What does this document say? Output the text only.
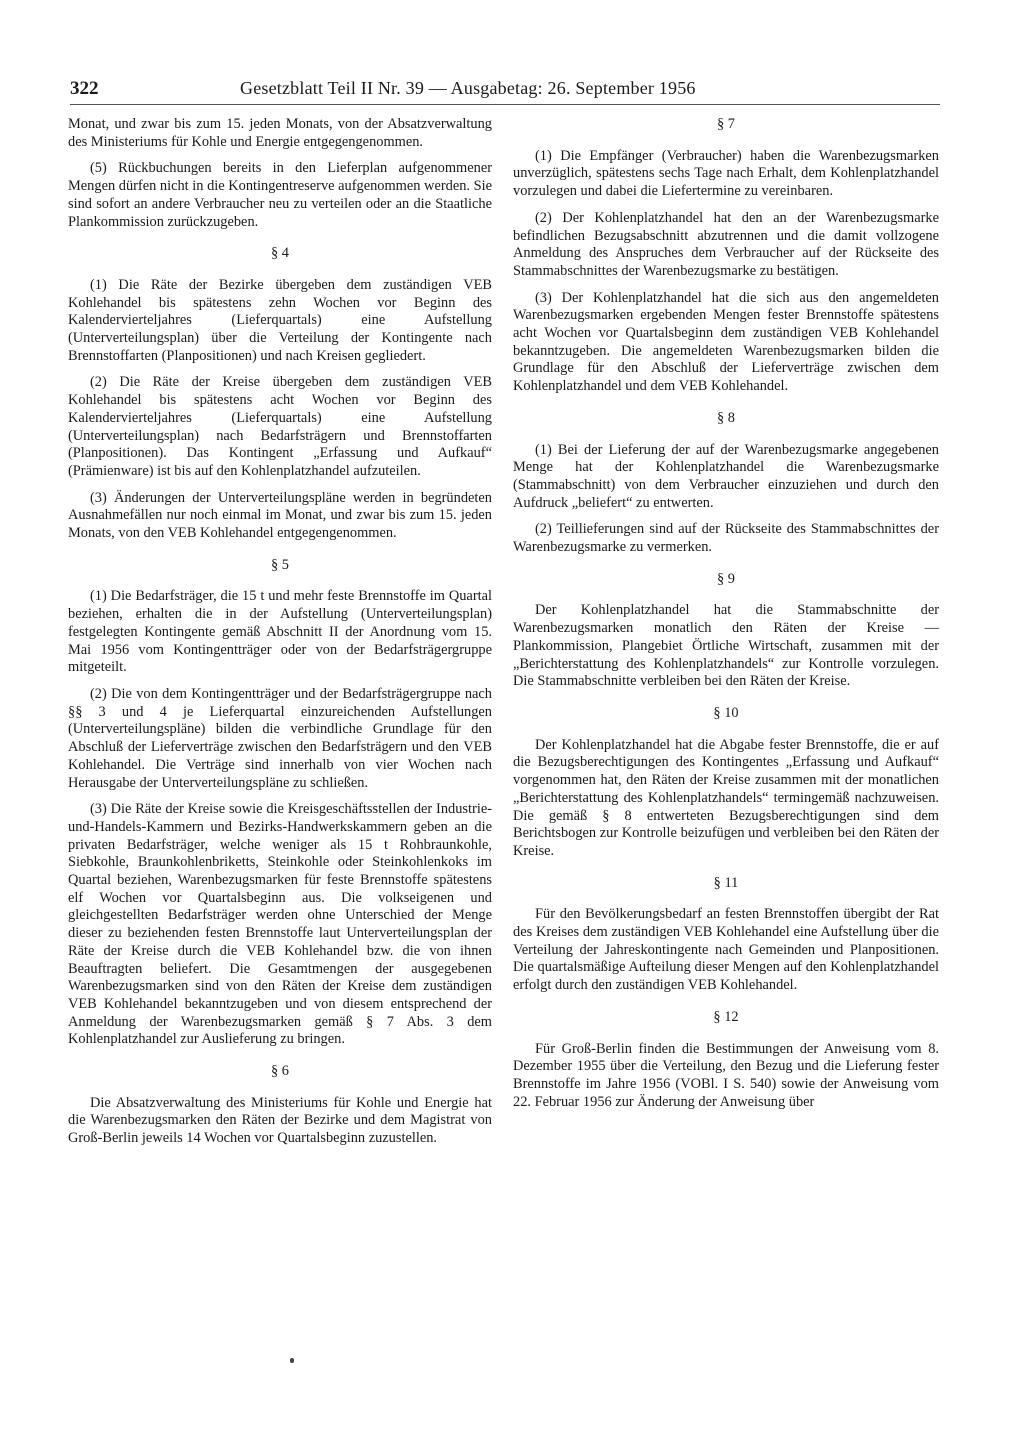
322	Gesetzblatt Teil II Nr. 39 — Ausgabetag: 26. September 1956

Monat, und zwar bis zum 15. jeden Monats, von der Absatzverwaltung des Ministeriums für Kohle und Energie entgegengenommen.

(5) Rückbuchungen bereits in den Lieferplan aufgenommener Mengen dürfen nicht in die Kontingentreserve aufgenommen werden. Sie sind sofort an andere Verbraucher neu zu verteilen oder an die Staatliche Plankommission zurückzugeben.

§ 4

(1) Die Räte der Bezirke übergeben dem zuständigen VEB Kohlehandel bis spätestens zehn Wochen vor Beginn des Kalendervierteljahres (Lieferquartals) eine Aufstellung (Unterverteilungsplan) über die Verteilung der Kontingente nach Brennstoffarten (Planpositionen) und nach Kreisen gegliedert.

(2) Die Räte der Kreise übergeben dem zuständigen VEB Kohlehandel bis spätestens acht Wochen vor Beginn des Kalendervierteljahres (Lieferquartals) eine Aufstellung (Unterverteilungsplan) nach Bedarfsträgern und Brennstoffarten (Planpositionen). Das Kontingent „Erfassung und Aufkauf“ (Prämienware) ist bis auf den Kohlenplatzhandel aufzuteilen.

(3) Änderungen der Unterverteilungspläne werden in begründeten Ausnahmefällen nur noch einmal im Monat, und zwar bis zum 15. jeden Monats, von den VEB Kohlehandel entgegengenommen.

§ 5

(1) Die Bedarfsträger, die 15 t und mehr feste Brennstoffe im Quartal beziehen, erhalten die in der Aufstellung (Unterverteilungsplan) festgelegten Kontingente gemäß Abschnitt II der Anordnung vom 15. Mai 1956 vom Kontingentträger oder von der Bedarfsträgergruppe mitgeteilt.

(2) Die von dem Kontingentträger und der Bedarfsträgergruppe nach §§ 3 und 4 je Lieferquartal einzureichenden Aufstellungen (Unterverteilungspläne) bilden die verbindliche Grundlage für den Abschluß der Lieferverträge zwischen den Bedarfsträgern und den VEB Kohlehandel. Die Verträge sind innerhalb von vier Wochen nach Herausgabe der Unterverteilungspläne zu schließen.

(3) Die Räte der Kreise sowie die Kreisgeschäftsstellen der Industrie-und-Handels-Kammern und Bezirks-Handwerkskammern geben an die privaten Bedarfsträger, welche weniger als 15 t Rohbraunkohle, Siebkohle, Braunkohlenbriketts, Steinkohle oder Steinkohlenkoks im Quartal beziehen, Warenbezugsmarken für feste Brennstoffe spätestens elf Wochen vor Quartalsbeginn aus. Die volkseigenen und gleichgestellten Bedarfsträger werden ohne Unterschied der Menge dieser zu beziehenden festen Brennstoffe laut Unterverteilungsplan der Räte der Kreise durch die VEB Kohlehandel bzw. die von ihnen Beauftragten beliefert. Die Gesamtmengen der ausgegebenen Warenbezugsmarken sind von den Räten der Kreise dem zuständigen VEB Kohlehandel bekanntzugeben und von diesem entsprechend der Anmeldung der Warenbezugsmarken gemäß § 7 Abs. 3 dem Kohlenplatzhandel zur Auslieferung zu bringen.

§ 6

Die Absatzverwaltung des Ministeriums für Kohle und Energie hat die Warenbezugsmarken den Räten der Bezirke und dem Magistrat von Groß-Berlin jeweils 14 Wochen vor Quartalsbeginn zuzustellen.

§ 7

(1) Die Empfänger (Verbraucher) haben die Warenbezugsmarken unverzüglich, spätestens sechs Tage nach Erhalt, dem Kohlenplatzhandel vorzulegen und dabei die Liefertermine zu vereinbaren.

(2) Der Kohlenplatzhandel hat den an der Warenbezugsmarke befindlichen Bezugsabschnitt abzutrennen und die damit vollzogene Anmeldung des Anspruches dem Verbraucher auf der Rückseite des Stammabschnittes der Warenbezugsmarke zu bestätigen.

(3) Der Kohlenplatzhandel hat die sich aus den angemeldeten Warenbezugsmarken ergebenden Mengen fester Brennstoffe spätestens acht Wochen vor Quartalsbeginn dem zuständigen VEB Kohlehandel bekanntzugeben. Die angemeldeten Warenbezugsmarken bilden die Grundlage für den Abschluß der Lieferverträge zwischen dem Kohlenplatzhandel und dem VEB Kohlehandel.

§ 8

(1) Bei der Lieferung der auf der Warenbezugsmarke angegebenen Menge hat der Kohlenplatzhandel die Warenbezugsmarke (Stammabschnitt) von dem Verbraucher einzuziehen und durch den Aufdruck „beliefert“ zu entwerten.

(2) Teillieferungen sind auf der Rückseite des Stammabschnittes der Warenbezugsmarke zu vermerken.

§ 9

Der Kohlenplatzhandel hat die Stammabschnitte der Warenbezugsmarken monatlich den Räten der Kreise — Plankommission, Plangebiet Örtliche Wirtschaft, zusammen mit der „Berichterstattung des Kohlenplatzhandels“ zur Kontrolle vorzulegen. Die Stammabschnitte verbleiben bei den Räten der Kreise.

§ 10

Der Kohlenplatzhandel hat die Abgabe fester Brennstoffe, die er auf die Bezugsberechtigungen des Kontingentes „Erfassung und Aufkauf“ vorgenommen hat, den Räten der Kreise zusammen mit der monatlichen „Berichterstattung des Kohlenplatzhandels“ termingemäß nachzuweisen. Die gemäß § 8 entwerteten Bezugsberechtigungen sind dem Berichtsbogen zur Kontrolle beizufügen und verbleiben bei den Räten der Kreise.

§ 11

Für den Bevölkerungsbedarf an festen Brennstoffen übergibt der Rat des Kreises dem zuständigen VEB Kohlehandel eine Aufstellung über die Verteilung der Jahreskontingente nach Gemeinden und Planpositionen. Die quartalsmäßige Aufteilung dieser Mengen auf den Kohlenplatzhandel erfolgt durch den zuständigen VEB Kohlehandel.

§ 12

Für Groß-Berlin finden die Bestimmungen der Anweisung vom 8. Dezember 1955 über die Verteilung, den Bezug und die Lieferung fester Brennstoffe im Jahre 1956 (VOBl. I S. 540) sowie der Anweisung vom 22. Februar 1956 zur Änderung der Anweisung über
